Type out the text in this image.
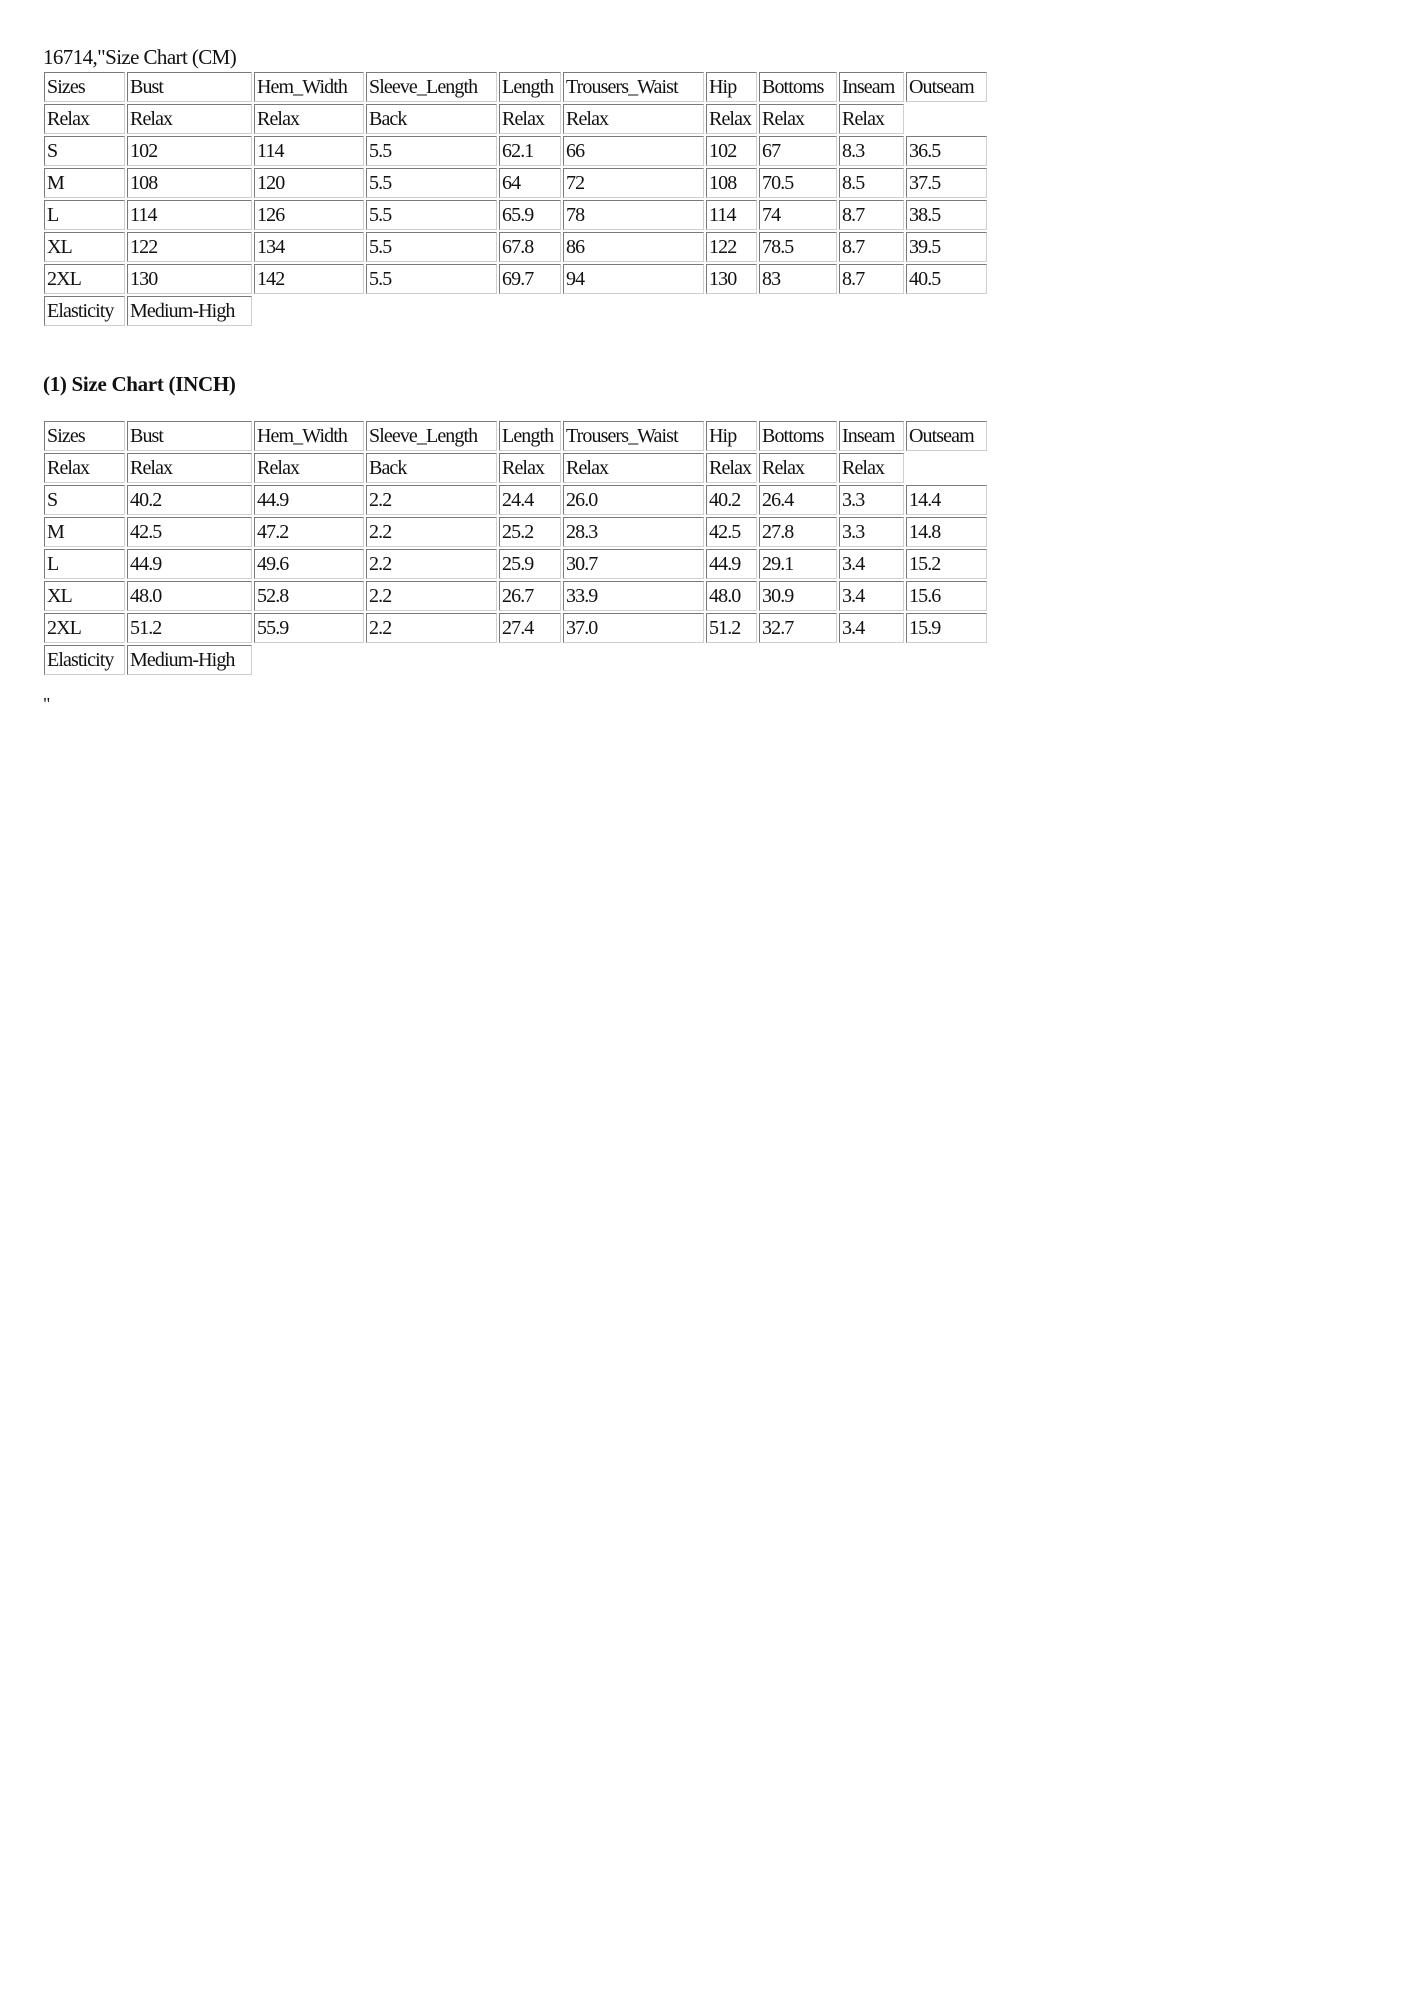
16714,"Size Chart (CM)
Sizes	Bust	Hem_Width	Sleeve_Length	Length	Trousers_Waist	Hip	Bottoms	Inseam	Outseam
Relax	Relax	Relax	Back	Relax	Relax	Relax	Relax	Relax	
S	102	114	5.5	62.1	66	102	67	8.3	36.5
M	108	120	5.5	64	72	108	70.5	8.5	37.5
L	114	126	5.5	65.9	78	114	74	8.7	38.5
XL	122	134	5.5	67.8	86	122	78.5	8.7	39.5
2XL	130	142	5.5	69.7	94	130	83	8.7	40.5
Elasticity	Medium-High								
(1) Size Chart (INCH)
Sizes	Bust	Hem_Width	Sleeve_Length	Length	Trousers_Waist	Hip	Bottoms	Inseam	Outseam
Relax	Relax	Relax	Back	Relax	Relax	Relax	Relax	Relax	
S	40.2	44.9	2.2	24.4	26.0	40.2	26.4	3.3	14.4
M	42.5	47.2	2.2	25.2	28.3	42.5	27.8	3.3	14.8
L	44.9	49.6	2.2	25.9	30.7	44.9	29.1	3.4	15.2
XL	48.0	52.8	2.2	26.7	33.9	48.0	30.9	3.4	15.6
2XL	51.2	55.9	2.2	27.4	37.0	51.2	32.7	3.4	15.9
Elasticity	Medium-High								
"
